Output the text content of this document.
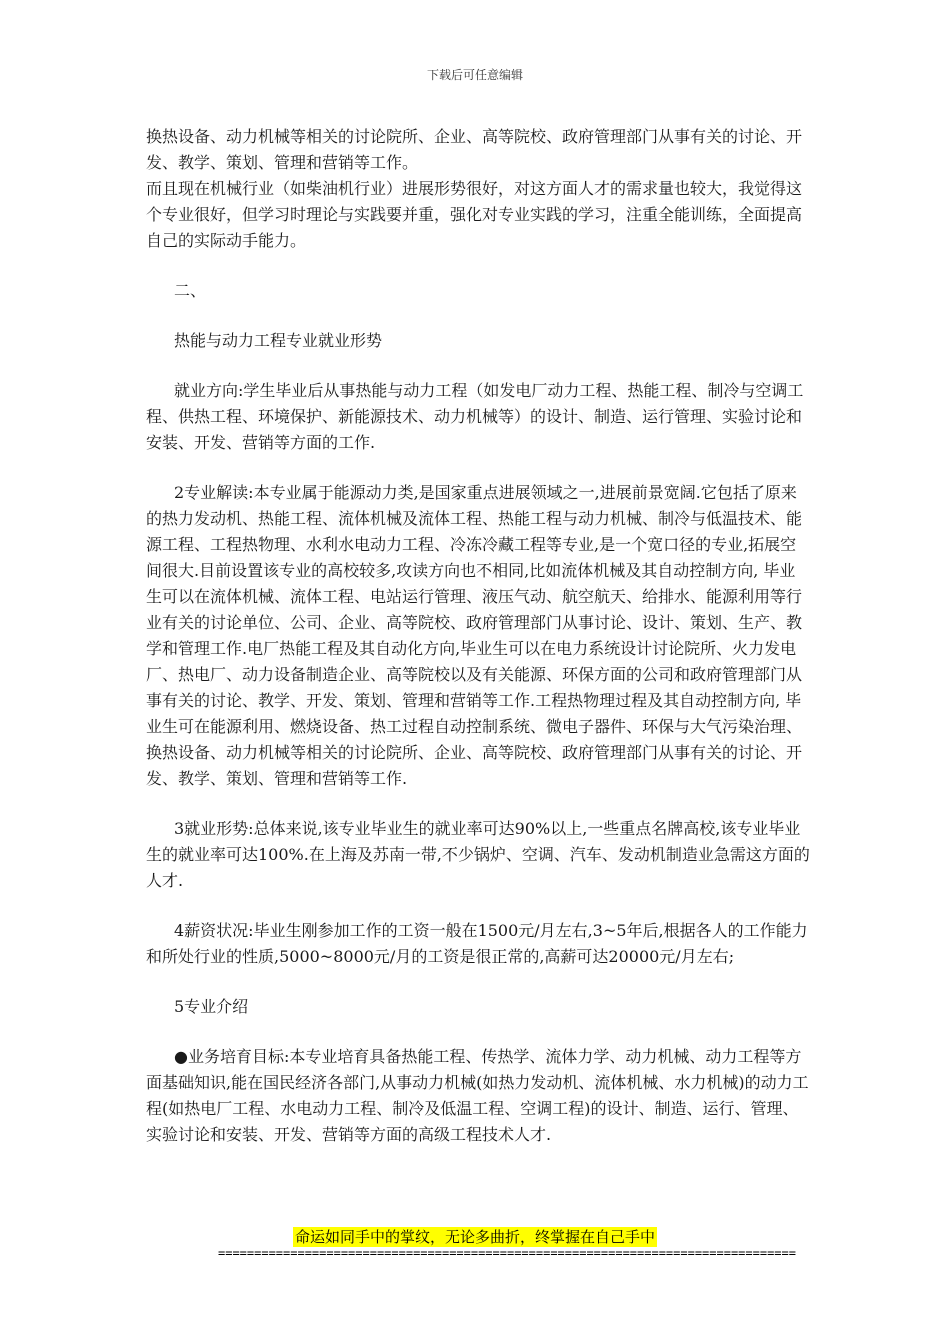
下载后可任意编辑

换热设备、动力机械等相关的讨论院所、企业、高等院校、政府管理部门从事有关的讨论、开发、教学、策划、管理和营销等工作。

而且现在机械行业（如柴油机行业）进展形势很好，对这方面人才的需求量也较大，我觉得这个专业很好，但学习时理论与实践要并重，强化对专业实践的学习，注重全能训练，全面提高自己的实际动手能力。

二、

热能与动力工程专业就业形势

就业方向:学生毕业后从事热能与动力工程（如发电厂动力工程、热能工程、制冷与空调工程、供热工程、环境保护、新能源技术、动力机械等）的设计、制造、运行管理、实验讨论和安装、开发、营销等方面的工作.

2专业解读:本专业属于能源动力类,是国家重点进展领域之一,进展前景宽阔.它包括了原来的热力发动机、热能工程、流体机械及流体工程、热能工程与动力机械、制冷与低温技术、能源工程、工程热物理、水利水电动力工程、冷冻冷藏工程等专业,是一个宽口径的专业,拓展空间很大.目前设置该专业的高校较多,攻读方向也不相同,比如流体机械及其自动控制方向, 毕业生可以在流体机械、流体工程、电站运行管理、液压气动、航空航天、给排水、能源利用等行业有关的讨论单位、公司、企业、高等院校、政府管理部门从事讨论、设计、策划、生产、教学和管理工作.电厂热能工程及其自动化方向,毕业生可以在电力系统设计讨论院所、火力发电厂、热电厂、动力设备制造企业、高等院校以及有关能源、环保方面的公司和政府管理部门从事有关的讨论、教学、开发、策划、管理和营销等工作.工程热物理过程及其自动控制方向, 毕业生可在能源利用、燃烧设备、热工过程自动控制系统、微电子器件、环保与大气污染治理、换热设备、动力机械等相关的讨论院所、企业、高等院校、政府管理部门从事有关的讨论、开发、教学、策划、管理和营销等工作.

3就业形势:总体来说,该专业毕业生的就业率可达90%以上,一些重点名牌高校,该专业毕业生的就业率可达100%.在上海及苏南一带,不少锅炉、空调、汽车、发动机制造业急需这方面的人才.

4薪资状况:毕业生刚参加工作的工资一般在1500元/月左右,3~5年后,根据各人的工作能力和所处行业的性质,5000~8000元/月的工资是很正常的,高薪可达20000元/月左右;

5专业介绍

●业务培育目标:本专业培育具备热能工程、传热学、流体力学、动力机械、动力工程等方面基础知识,能在国民经济各部门,从事动力机械(如热力发动机、流体机械、水力机械)的动力工程(如热电厂工程、水电动力工程、制冷及低温工程、空调工程)的设计、制造、运行、管理、实验讨论和安装、开发、营销等方面的高级工程技术人才.

命运如同手中的掌纹，无论多曲折，终掌握在自己手中
================================================================================
